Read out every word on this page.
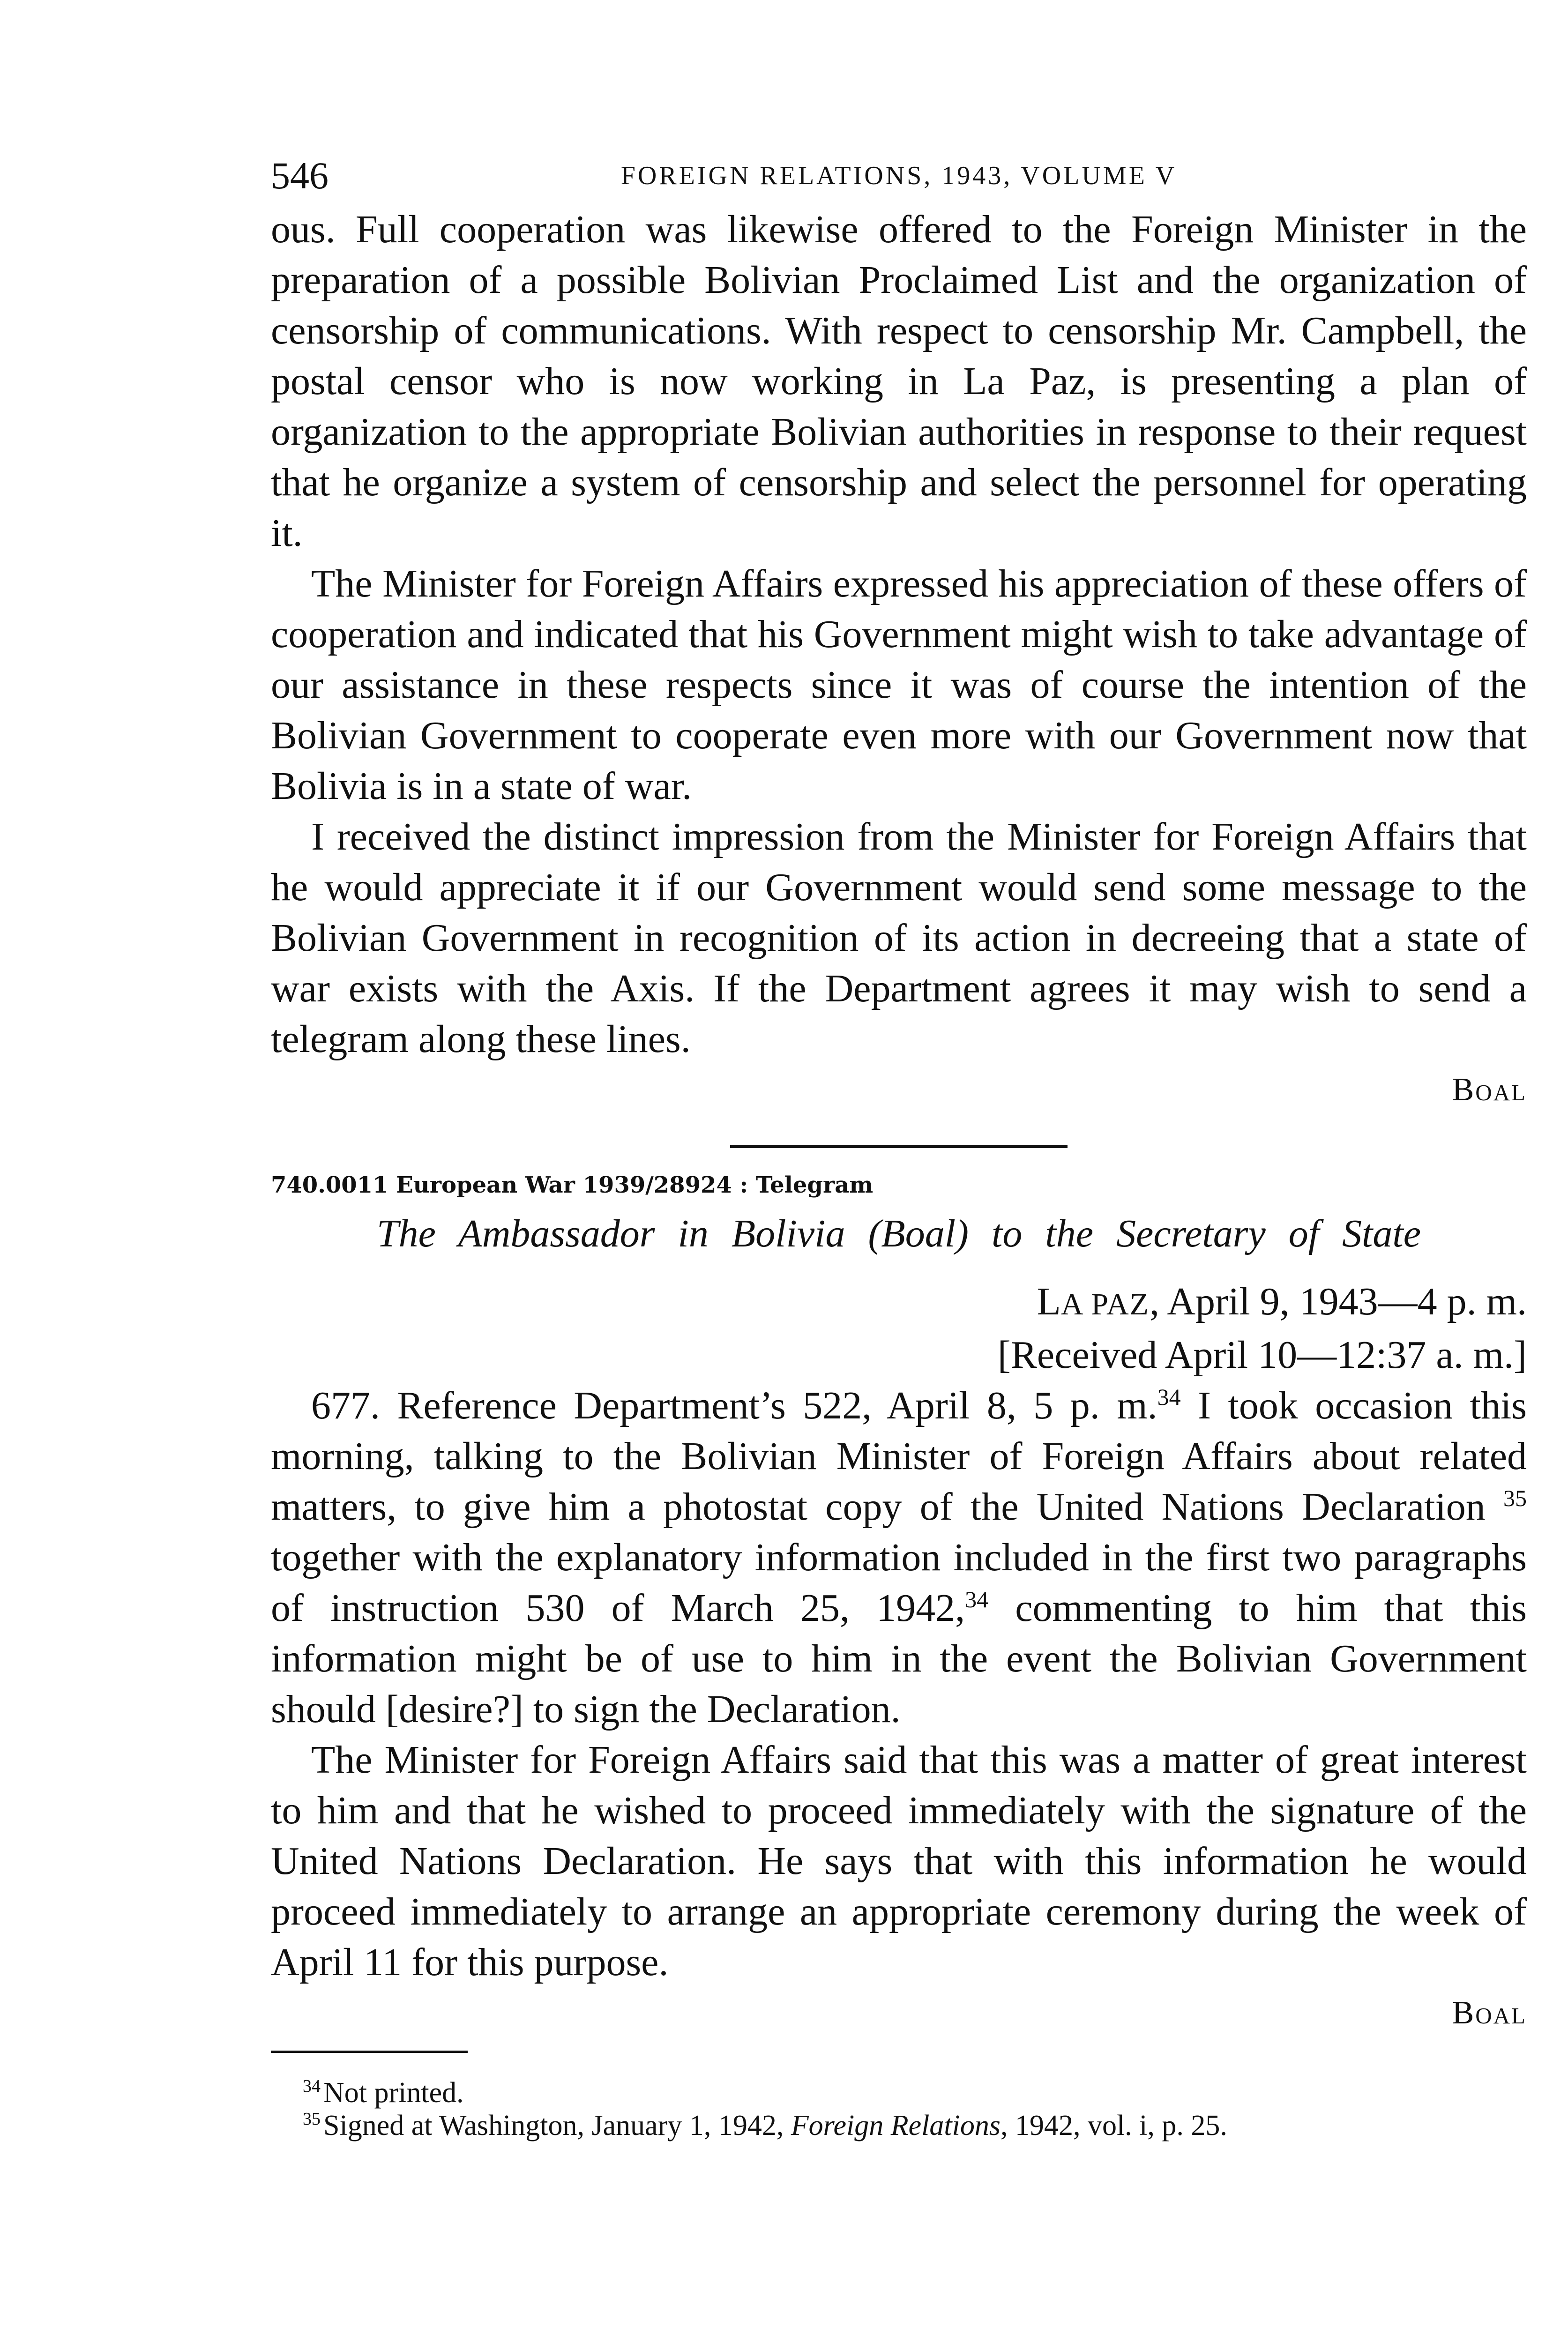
546	FOREIGN RELATIONS, 1943, VOLUME V

ous. Full cooperation was likewise offered to the Foreign Minister in the preparation of a possible Bolivian Proclaimed List and the organization of censorship of communications. With respect to censorship Mr. Campbell, the postal censor who is now working in La Paz, is presenting a plan of organization to the appropriate Bolivian authorities in response to their request that he organize a system of censorship and select the personnel for operating it.

The Minister for Foreign Affairs expressed his appreciation of these offers of cooperation and indicated that his Government might wish to take advantage of our assistance in these respects since it was of course the intention of the Bolivian Government to cooperate even more with our Government now that Bolivia is in a state of war.

I received the distinct impression from the Minister for Foreign Affairs that he would appreciate it if our Government would send some message to the Bolivian Government in recognition of its action in decreeing that a state of war exists with the Axis. If the Department agrees it may wish to send a telegram along these lines.

Boal

740.0011 European War 1939/28924 : Telegram

The Ambassador in Bolivia (Boal) to the Secretary of State

LA PAZ, April 9, 1943—4 p. m.

[Received April 10—12:37 a. m.]

677. Reference Department’s 522, April 8, 5 p. m.$^{34}$ I took occasion this morning, talking to the Bolivian Minister of Foreign Affairs about related matters, to give him a photostat copy of the United Nations Declaration $^{35}$ together with the explanatory information included in the first two paragraphs of instruction 530 of March 25, 1942,34 commenting to him that this information might be of use to him in the event the Bolivian Government should [desire?] to sign the Declaration.

The Minister for Foreign Affairs said that this was a matter of great interest to him and that he wished to proceed immediately with the signature of the United Nations Declaration. He says that with this information he would proceed immediately to arrange an appropriate ceremony during the week of April 11 for this purpose.

Boal

$^{34}$Not printed.

$^{35}$Signed at Washington, January 1, 1942, Foreign Relations, 1942, vol. i, p. 25.
